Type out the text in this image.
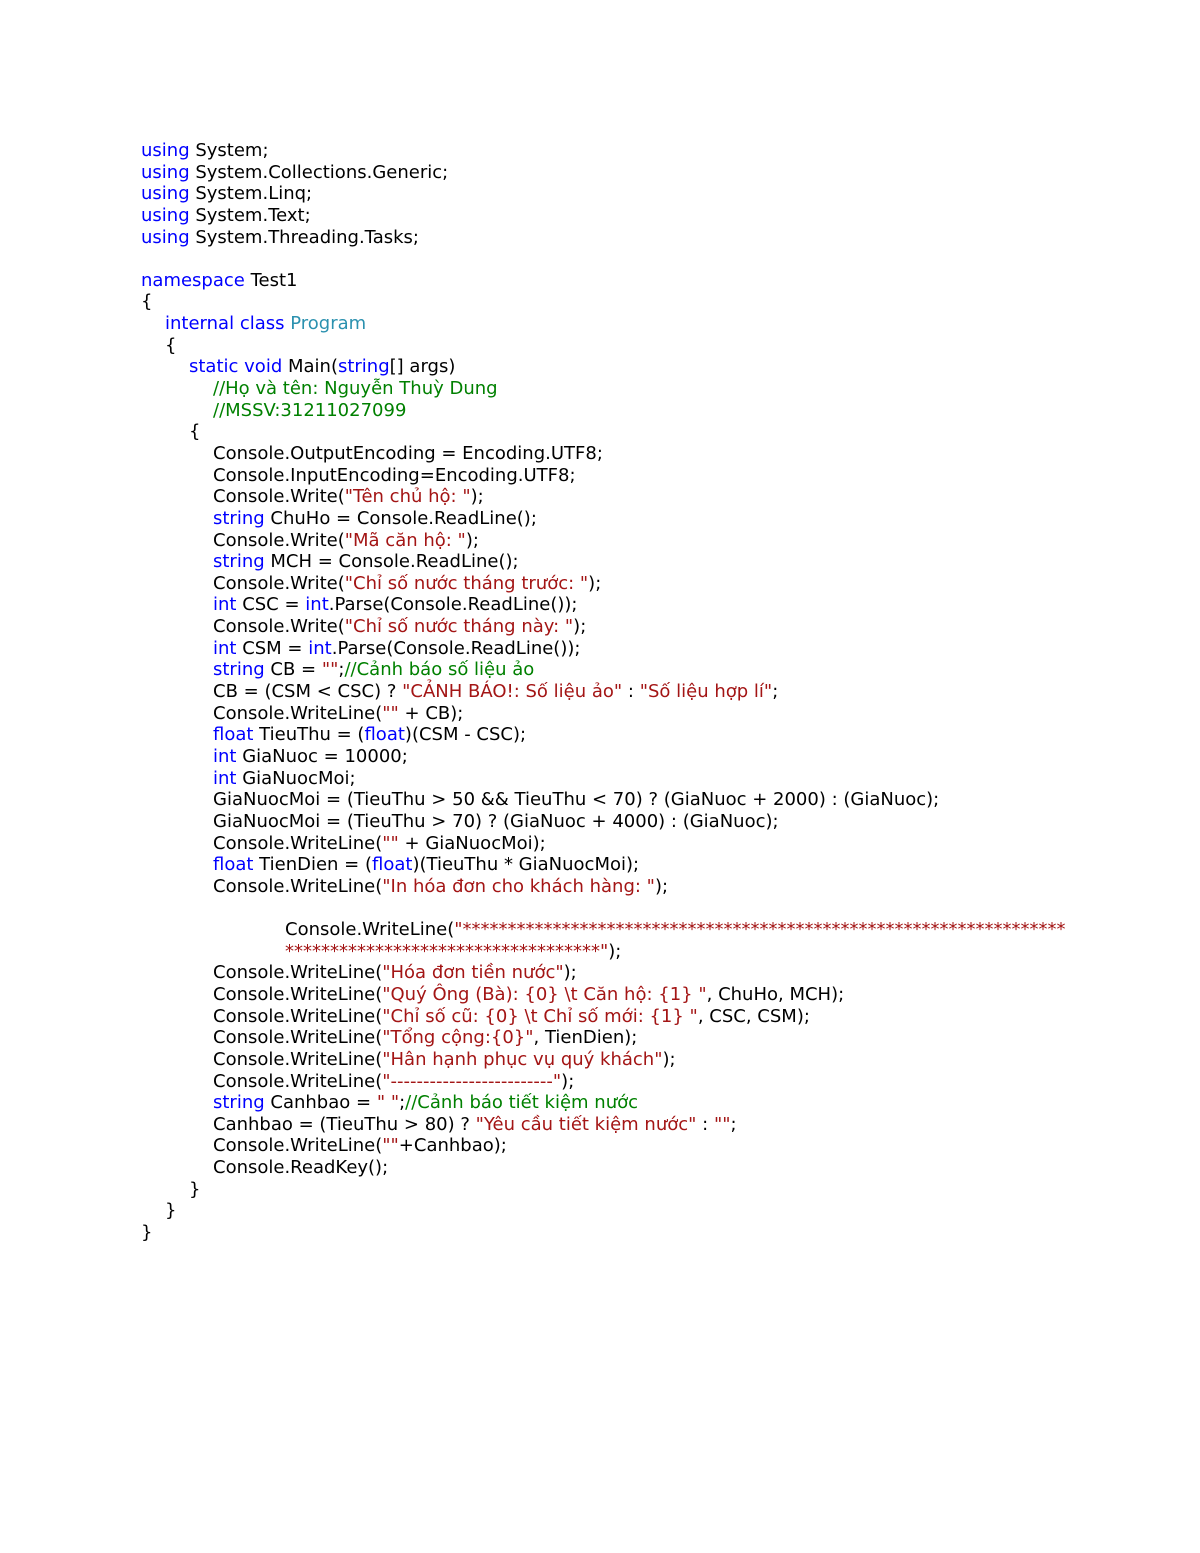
using System;
using System.Collections.Generic;
using System.Linq;
using System.Text;
using System.Threading.Tasks;

namespace Test1
{
internal class Program
{
static void Main(string[] args)
//Họ và tên: Nguyễn Thuỳ Dung
//MSSV:31211027099
{
Console.OutputEncoding = Encoding.UTF8;
Console.InputEncoding=Encoding.UTF8;
Console.Write("Tên chủ hộ: ");
string ChuHo = Console.ReadLine();
Console.Write("Mã căn hộ: ");
string MCH = Console.ReadLine();
Console.Write("Chỉ số nước tháng trước: ");
int CSC = int.Parse(Console.ReadLine());
Console.Write("Chỉ số nước tháng này: ");
int CSM = int.Parse(Console.ReadLine());
string CB = "";//Cảnh báo số liệu ảo
CB = (CSM < CSC) ? "CẢNH BÁO!: Số liệu ảo" : "Số liệu hợp lí";
Console.WriteLine("" + CB);
float TieuThu = (float)(CSM - CSC);
int GiaNuoc = 10000;
int GiaNuocMoi;
GiaNuocMoi = (TieuThu > 50 && TieuThu < 70) ? (GiaNuoc + 2000) : (GiaNuoc);
GiaNuocMoi = (TieuThu > 70) ? (GiaNuoc + 4000) : (GiaNuoc);
Console.WriteLine("" + GiaNuocMoi);
float TienDien = (float)(TieuThu * GiaNuocMoi);
Console.WriteLine("In hóa đơn cho khách hàng: ");

Console.WriteLine("*******************************************************************
***********************************");
Console.WriteLine("Hóa đơn tiền nước");
Console.WriteLine("Quý Ông (Bà): {0} \t Căn hộ: {1} ", ChuHo, MCH);
Console.WriteLine("Chỉ số cũ: {0} \t Chỉ số mới: {1} ", CSC, CSM);
Console.WriteLine("Tổng cộng:{0}", TienDien);
Console.WriteLine("Hân hạnh phục vụ quý khách");
Console.WriteLine("-------------------------");
string Canhbao = " ";//Cảnh báo tiết kiệm nước
Canhbao = (TieuThu > 80) ? "Yêu cầu tiết kiệm nước" : "";
Console.WriteLine(""+Canhbao);
Console.ReadKey();
}
}
}
